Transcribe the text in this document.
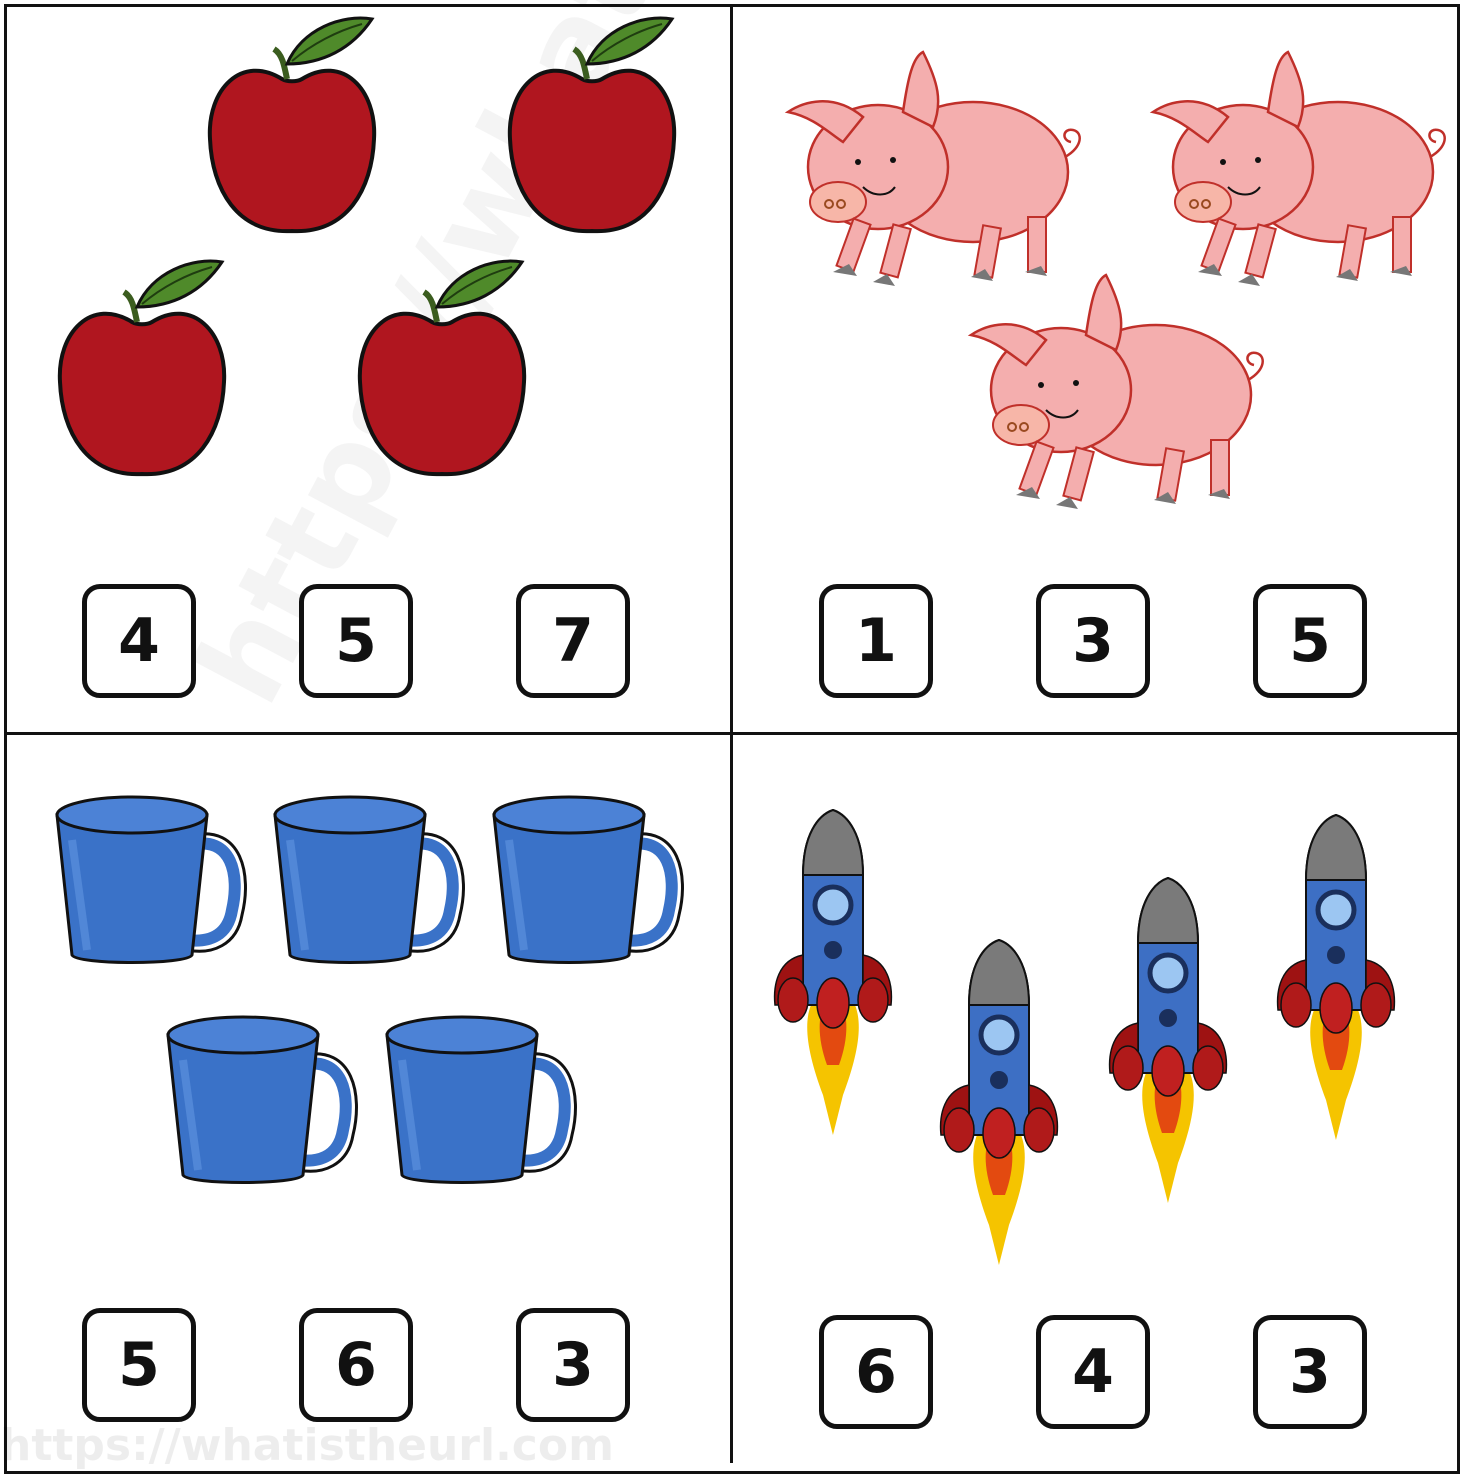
4	5	7	1	3	5
5	6	3	6	4	3
https://whatistheurl.com
